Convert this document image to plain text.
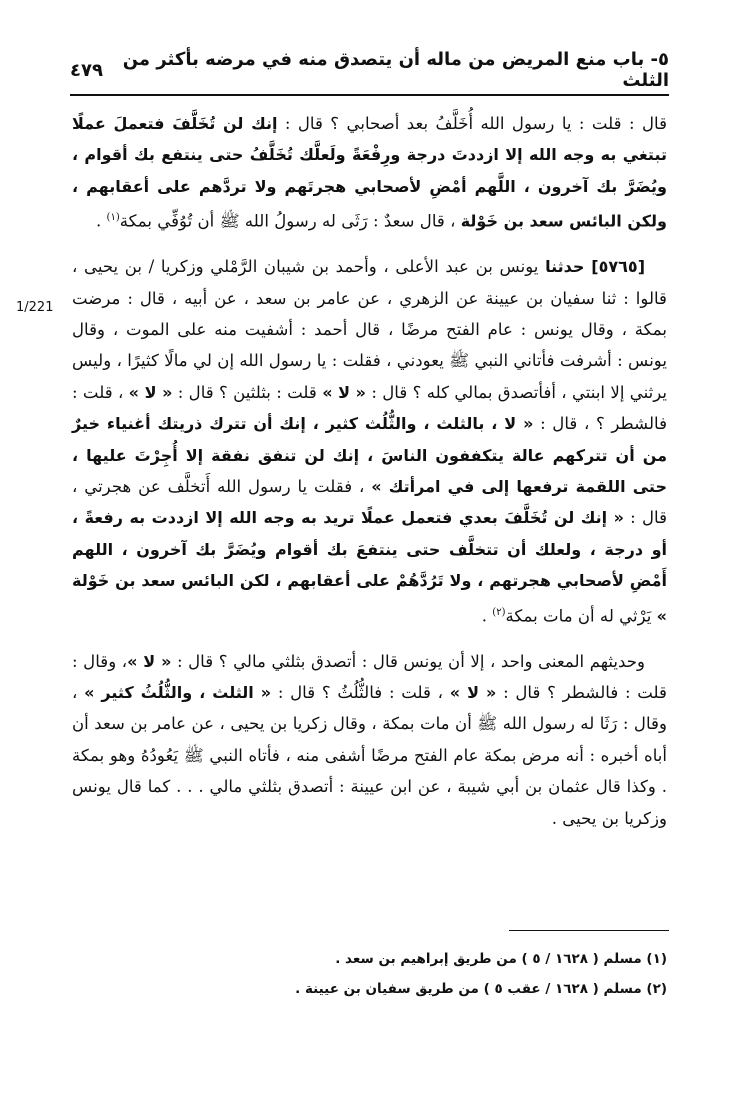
٥- باب منع المريض من ماله أن يتصدق منه في مرضه بأكثر من الثلث
٤٧٩
1/221

قال : قلت : يا رسول الله أُخَلَّفُ بعد أصحابي ؟ قال : إنك لن تُخَلَّفَ فتعملَ عملًا تبتغي به وجه الله إلا ازددتَ درجة ورِفْعَةً ولَعلَّك تُخَلَّفُ حتى ينتفع بك أقوام ، ويُضَرَّ بك آخرون ، اللَّهم أمْضِ لأصحابي هجرتَهم ولا تردَّهم على أعقابهم ، ولكن البائس سعد بن خَوْلة ، قال سعدٌ : رَثَى له رسولُ الله ﷺ أن تُوُفِّي بمكة$^{(١)}$ .

[٥٧٦٥] حدثنا يونس بن عبد الأعلى ، وأحمد بن شيبان الرَّمْلي وزكريا / بن يحيى ، قالوا : ثنا سفيان بن عيينة عن الزهري ، عن عامر بن سعد ، عن أبيه ، قال : مرضت بمكة ، وقال يونس : عام الفتح مرضًا ، قال أحمد : أشفيت منه على الموت ، وقال يونس : أشرفت فأتاني النبي ﷺ يعودني ، فقلت : يا رسول الله إن لي مالًا كثيرًا ، وليس يرثني إلا ابنتي ، أفأتصدق بمالي كله ؟ قال : « لا » قلت : بثلثين ؟ قال : « لا » ، قلت : فالشطر ؟ ، قال : « لا ، بالثلث ، والثُّلُث كثير ، إنك أن تترك ذريتك أغنياء خيرٌ من أن تتركهم عالة يتكففون الناسَ ، إنك لن تنفق نفقة إلا أُجِرْتَ عليها ، حتى اللقمة ترفعها إلى في امرأتك » ، فقلت يا رسول الله أَتخلَّف عن هجرتي ، قال : « إنك لن تُخَلَّفَ بعدي فتعمل عملًا تريد به وجه الله إلا ازددت به رفعةً ، أو درجة ، ولعلك أن تتخلَّف حتى ينتفعَ بك أقوام ويُضَرَّ بك آخرون ، اللهم أَمْضِ لأصحابي هجرتهم ، ولا تَرُدَّهُمْ على أعقابهم ، لكن البائس سعد بن خَوْلة » يَرْثي له أن مات بمكة$^{(٢)}$ .

وحديثهم المعنى واحد ، إلا أن يونس قال : أتصدق بثلثي مالي ؟ قال : « لا »، وقال : قلت : فالشطر ؟ قال : « لا » ، قلت : فالثُّلُثُ ؟ قال : « الثلث ، والثُّلُثُ كثير » ، وقال : رَثَا له رسول الله ﷺ أن مات بمكة ، وقال زكريا بن يحيى ، عن عامر بن سعد أن أباه أخبره : أنه مرض بمكة عام الفتح مرضًا أشفى منه ، فأتاه النبي ﷺ يَعُودُهُ وهو بمكة . وكذا قال عثمان بن أبي شيبة ، عن ابن عيينة : أتصدق بثلثي مالي . . . كما قال يونس وزكريا بن يحيى .

(١) مسلم ( ١٦٢٨ / ٥ ) من طريق إبراهيم بن سعد .

(٢) مسلم ( ١٦٢٨ / عقب ٥ ) من طريق سفيان بن عيينة .
